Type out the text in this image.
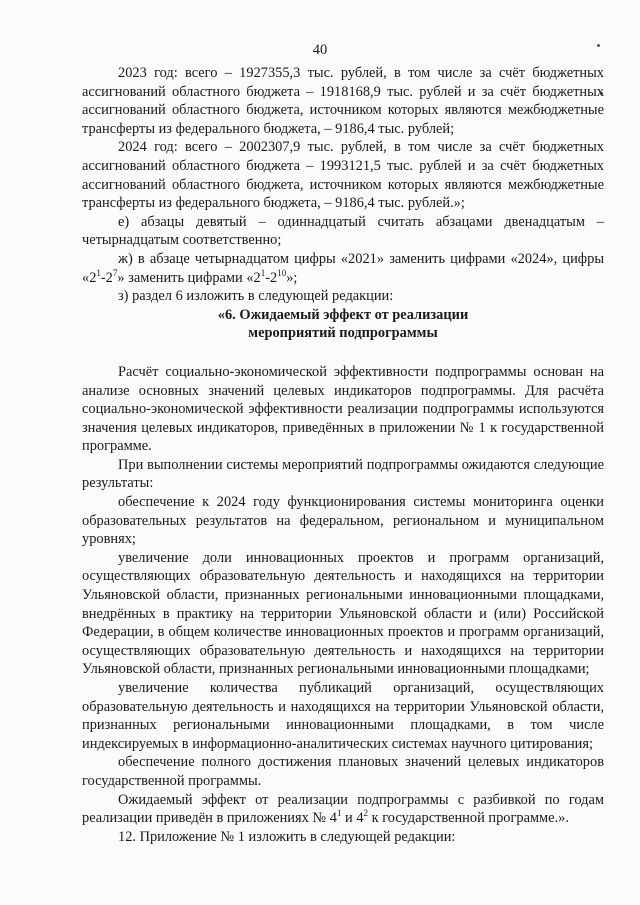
40

2023 год: всего – 1927355,3 тыс. рублей, в том числе за счёт бюджетных ассигнований областного бюджета – 1918168,9 тыс. рублей и за счёт бюджетных ассигнований областного бюджета, источником которых являются межбюджетные трансферты из федерального бюджета, – 9186,4 тыс. рублей;

2024 год: всего – 2002307,9 тыс. рублей, в том числе за счёт бюджетных ассигнований областного бюджета – 1993121,5 тыс. рублей и за счёт бюджетных ассигнований областного бюджета, источником которых являются межбюджетные трансферты из федерального бюджета, – 9186,4 тыс. рублей.»;

е) абзацы девятый – одиннадцатый считать абзацами двенадцатым – четырнадцатым соответственно;

ж) в абзаце четырнадцатом цифры «2021» заменить цифрами «2024», цифры «$2^1-2^7$» заменить цифрами «$2^1-2^{10}$»;

з) раздел 6 изложить в следующей редакции:

«6. Ожидаемый эффект от реализации

мероприятий подпрограммы

Расчёт социально-экономической эффективности подпрограммы основан на анализе основных значений целевых индикаторов подпрограммы. Для расчёта социально-экономической эффективности реализации подпрограммы используются значения целевых индикаторов, приведённых в приложении № 1 к государственной программе.

При выполнении системы мероприятий подпрограммы ожидаются следующие результаты:

обеспечение к 2024 году функционирования системы мониторинга оценки образовательных результатов на федеральном, региональном и муниципальном уровнях;

увеличение доли инновационных проектов и программ организаций, осуществляющих образовательную деятельность и находящихся на территории Ульяновской области, признанных региональными инновационными площадками, внедрённых в практику на территории Ульяновской области и (или) Российской Федерации, в общем количестве инновационных проектов и программ организаций, осуществляющих образовательную деятельность и находящихся на территории Ульяновской области, признанных региональными инновационными площадками;

увеличение количества публикаций организаций, осуществляющих образовательную деятельность и находящихся на территории Ульяновской области, признанных региональными инновационными площадками, в том числе индексируемых в информационно-аналитических системах научного цитирования;

обеспечение полного достижения плановых значений целевых индикаторов государственной программы.

Ожидаемый эффект от реализации подпрограммы с разбивкой по годам реализации приведён в приложениях № $4^1$ и $4^2$ к государственной программе.».

12. Приложение № 1 изложить в следующей редакции:
